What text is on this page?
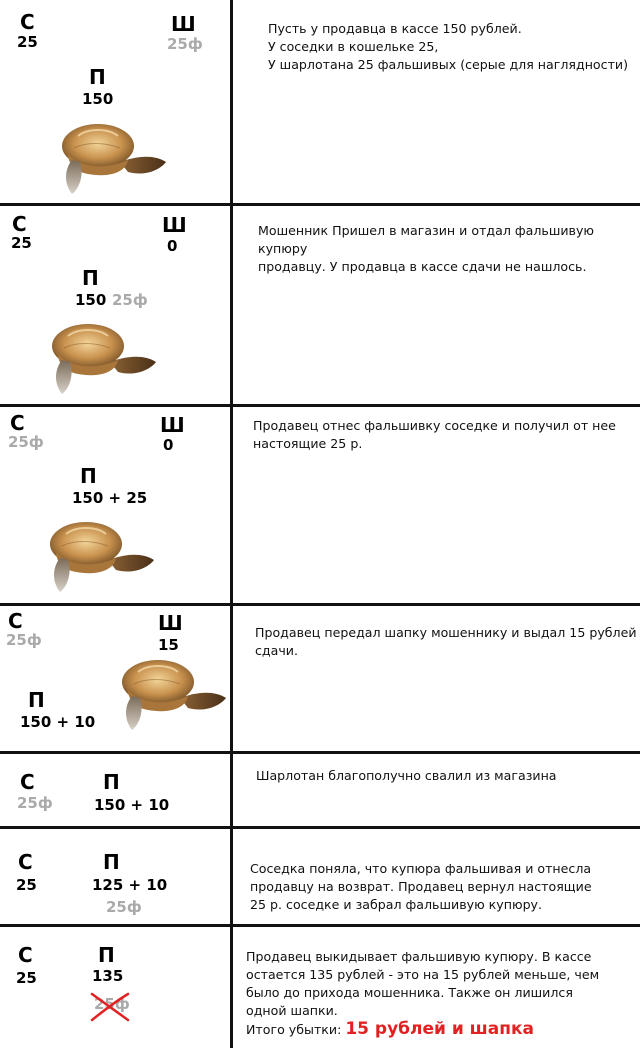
С
25
Ш
25ф
П
150

Пусть у продавца в кассе 150 рублей.

У соседки в кошельке 25,

У шарлотана 25 фальшивых (серые для наглядности)

С
25
Ш
0
П
150 25ф

Мошенник Пришел в магазин и отдал фальшивую купюру

продавцу. У продавца в кассе сдачи не нашлось.

С
25ф
Ш
0
П
150 + 25

Продавец отнес фальшивку соседке и получил от нее

настоящие 25 р.

С
25ф
Ш
15
П
150 + 10

Продавец передал шапку мошеннику и выдал 15 рублей

сдачи.

С
25ф
П
150 + 10

Шарлотан благополучно свалил из магазина

С
25
П
125 + 10
25ф

Соседка поняла, что купюра фальшивая и отнесла

продавцу на возврат. Продавец вернул настоящие

25 р. соседке и забрал фальшивую купюру.

С
25
П
135
25ф

Продавец выкидывает фальшивую купюру. В кассе

остается 135 рублей - это на 15 рублей меньше, чем

было до прихода мошенника. Также он лишился

одной шапки.

Итого убытки: 15 рублей и шапка
